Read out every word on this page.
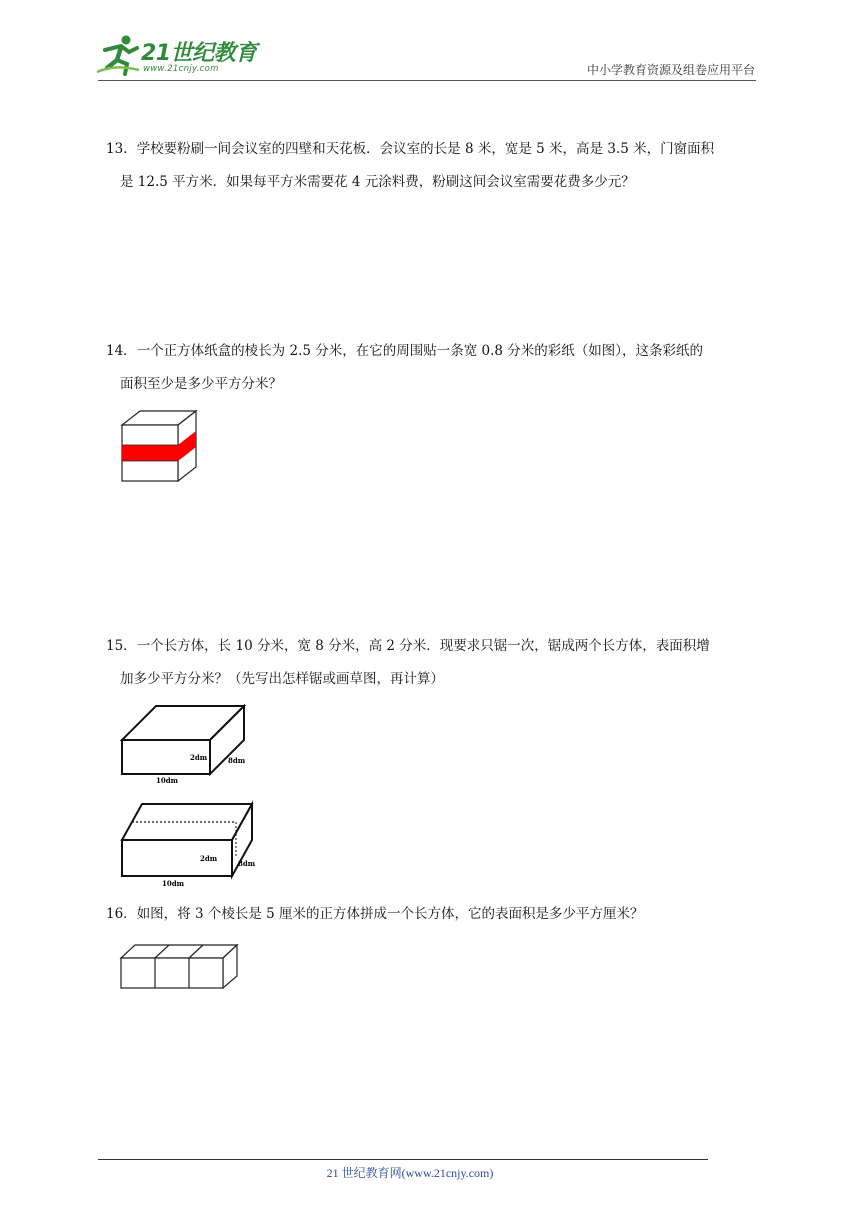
21世纪教育
www.21cnjy.com	中小学教育资源及组卷应用平台
13．学校要粉刷一间会议室的四壁和天花板．会议室的长是 8 米，宽是 5 米，高是 3.5 米，门窗面积
是 12.5 平方米．如果每平方米需要花 4 元涂料费，粉刷这间会议室需要花费多少元？
14．一个正方体纸盒的棱长为 2.5 分米，在它的周围贴一条宽 0.8 分米的彩纸（如图），这条彩纸的
面积至少是多少平方分米？
15．一个长方体，长 10 分米，宽 8 分米，高 2 分米．现要求只锯一次，锯成两个长方体，表面积增
加多少平方分米？（先写出怎样锯或画草图，再计算）
2dm	8dm
10dm
2dm
8dm
10dm
16．如图，将 3 个棱长是 5 厘米的正方体拼成一个长方体，它的表面积是多少平方厘米？
21 世纪教育网(www.21cnjy.com)
